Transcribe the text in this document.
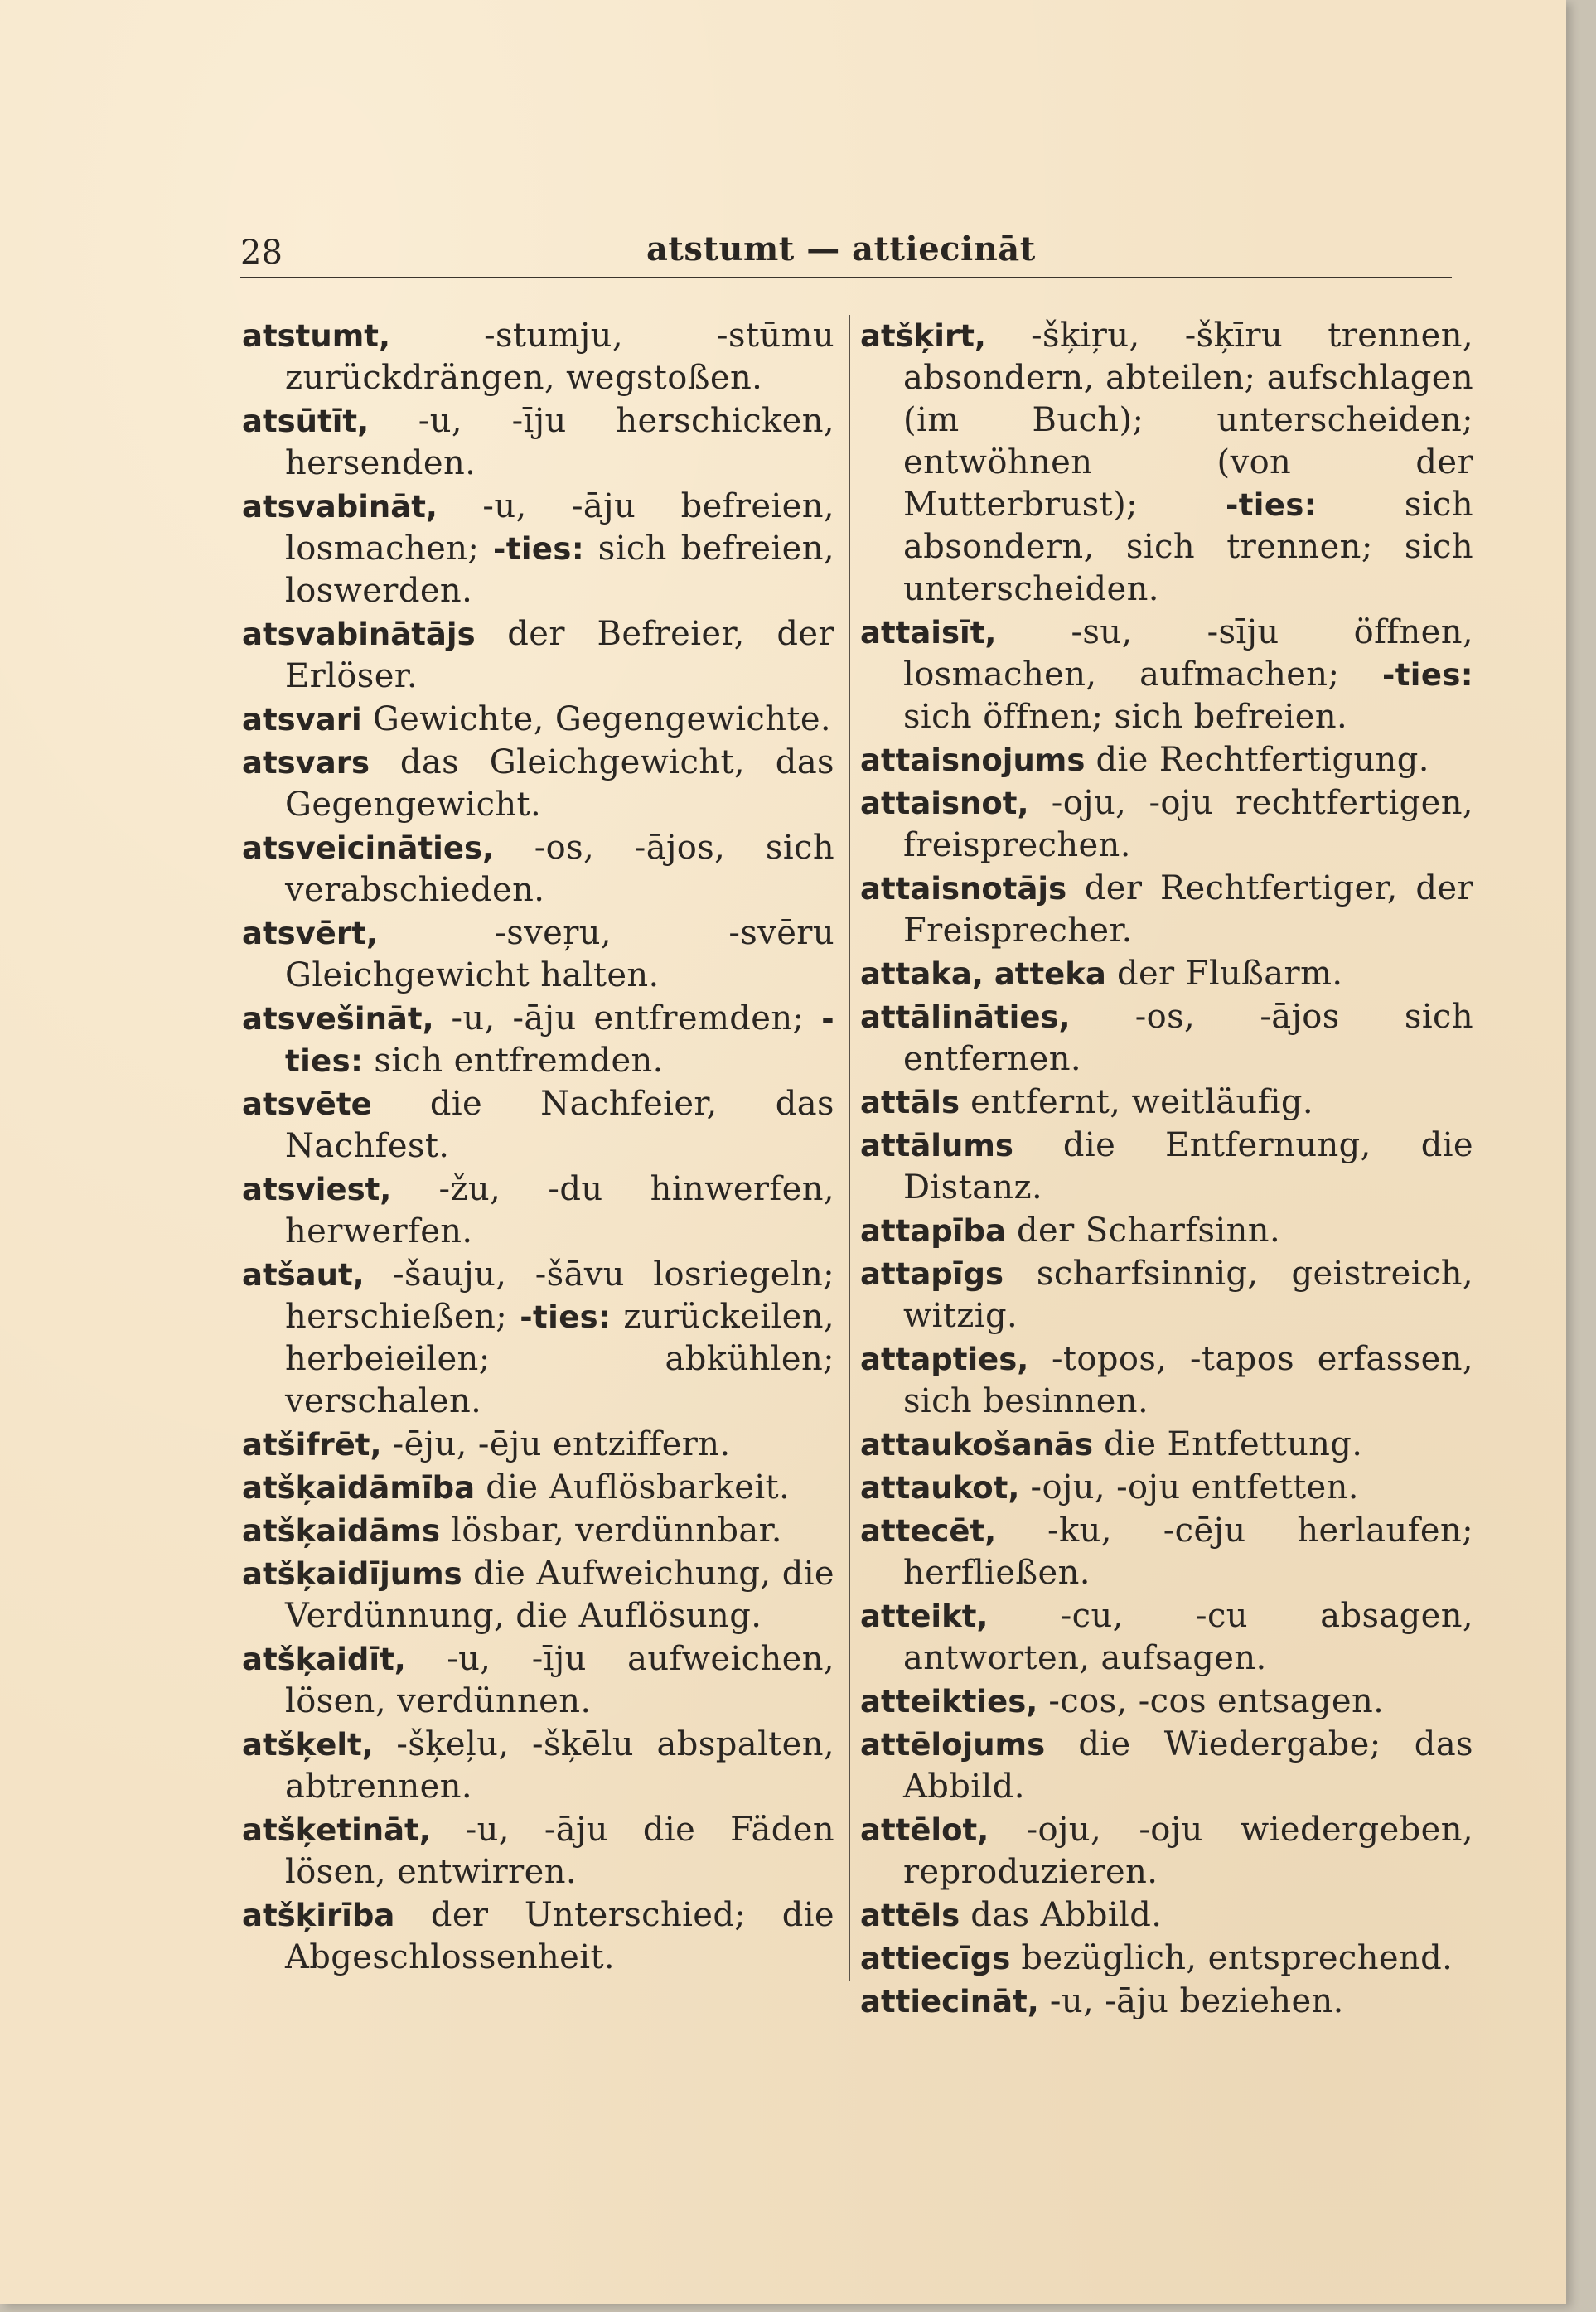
28	atstumt — attiecināt

atstumt, -stumju, -stūmu zurückdrängen, wegstoßen.

atsūtīt, -u, -īju herschicken, hersenden.

atsvabināt, -u, -āju befreien, losmachen; -ties: sich befreien, loswerden.

atsvabinātājs der Befreier, der Erlöser.

atsvari Gewichte, Gegengewichte.

atsvars das Gleichgewicht, das Gegengewicht.

atsveicināties, -os, -ājos, sich verabschieden.

atsvērt, -sveŗu, -svēru Gleichgewicht halten.

atsvešināt, -u, -āju entfremden; -ties: sich entfremden.

atsvēte die Nachfeier, das Nachfest.

atsviest, -žu, -du hinwerfen, herwerfen.

atšaut, -šauju, -šāvu losriegeln; herschießen; -ties: zurückeilen, herbeieilen; abkühlen; verschalen.

atšifrēt, -ēju, -ēju entziffern.

atšķaidāmība die Auflösbarkeit.

atšķaidāms lösbar, verdünnbar.

atšķaidījums die Aufweichung, die Verdünnung, die Auflösung.

atšķaidīt, -u, -īju aufweichen, lösen, verdünnen.

atšķelt, -šķeļu, -šķēlu abspalten, abtrennen.

atšķetināt, -u, -āju die Fäden lösen, entwirren.

atšķirība der Unterschied; die Abgeschlossenheit.

atšķirt, -šķiŗu, -šķīru trennen, absondern, abteilen; aufschlagen (im Buch); unterscheiden; entwöhnen (von der Mutterbrust); -ties: sich absondern, sich trennen; sich unterscheiden.

attaisīt, -su, -sīju öffnen, losmachen, aufmachen; -ties: sich öffnen; sich befreien.

attaisnojums die Rechtfertigung.

attaisnot, -oju, -oju rechtfertigen, freisprechen.

attaisnotājs der Rechtfertiger, der Freisprecher.

attaka, atteka der Flußarm.

attālināties, -os, -ājos sich entfernen.

attāls entfernt, weitläufig.

attālums die Entfernung, die Distanz.

attapība der Scharfsinn.

attapīgs scharfsinnig, geistreich, witzig.

attapties, -topos, -tapos erfassen, sich besinnen.

attaukošanās die Entfettung.

attaukot, -oju, -oju entfetten.

attecēt, -ku, -cēju herlaufen; herfließen.

atteikt, -cu, -cu absagen, antworten, aufsagen.

atteikties, -cos, -cos entsagen.

attēlojums die Wiedergabe; das Abbild.

attēlot, -oju, -oju wiedergeben, reproduzieren.

attēls das Abbild.

attiecīgs bezüglich, entsprechend.

attiecināt, -u, -āju beziehen.
